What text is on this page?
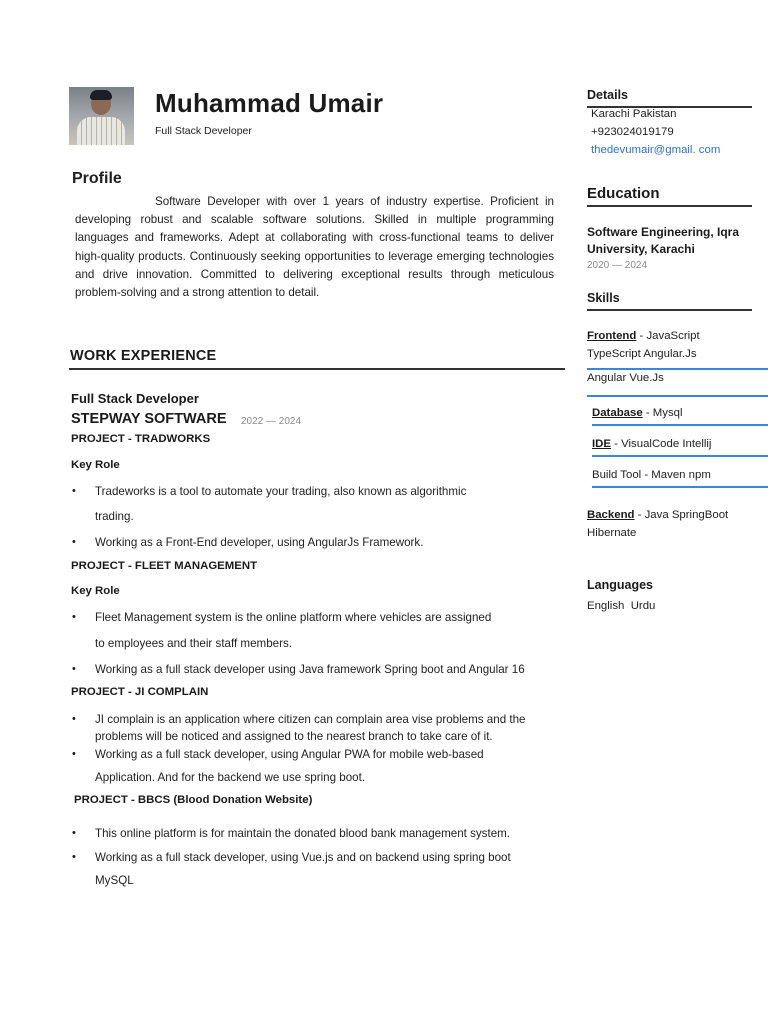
Muhammad Umair
Full Stack Developer
Profile
Software Developer with over 1 years of industry expertise. Proficient in developing robust and scalable software solutions. Skilled in multiple programming languages and frameworks. Adept at collaborating with cross-functional teams to deliver high-quality products. Continuously seeking opportunities to leverage emerging technologies and drive innovation. Committed to delivering exceptional results through meticulous problem-solving and a strong attention to detail.
WORK EXPERIENCE
Full Stack Developer
STEPWAY SOFTWARE 2022 — 2024
PROJECT - TRADWORKS
Key Role
• Tradeworks is a tool to automate your trading, also known as algorithmic
trading.
• Working as a Front-End developer, using AngularJs Framework.
PROJECT - FLEET MANAGEMENT
Key Role
• Fleet Management system is the online platform where vehicles are assigned
to employees and their staff members.
• Working as a full stack developer using Java framework Spring boot and Angular 16
PROJECT - JI COMPLAIN
• JI complain is an application where citizen can complain area vise problems and the
problems will be noticed and assigned to the nearest branch to take care of it.
• Working as a full stack developer, using Angular PWA for mobile web-based
Application. And for the backend we use spring boot.
PROJECT - BBCS (Blood Donation Website)
• This online platform is for maintain the donated blood bank management system.
• Working as a full stack developer, using Vue.js and on backend using spring boot
MySQL
Details
Karachi Pakistan
+923024019179
thedevumair@gmail. com
Education
Software Engineering, Iqra University, Karachi
2020 — 2024
Skills
Frontend - JavaScript
TypeScript Angular.Js
Angular Vue.Js
Database - Mysql
IDE - VisualCode Intellij
Build Tool - Maven npm
Backend - Java SpringBoot
Hibernate
Languages
English  Urdu
